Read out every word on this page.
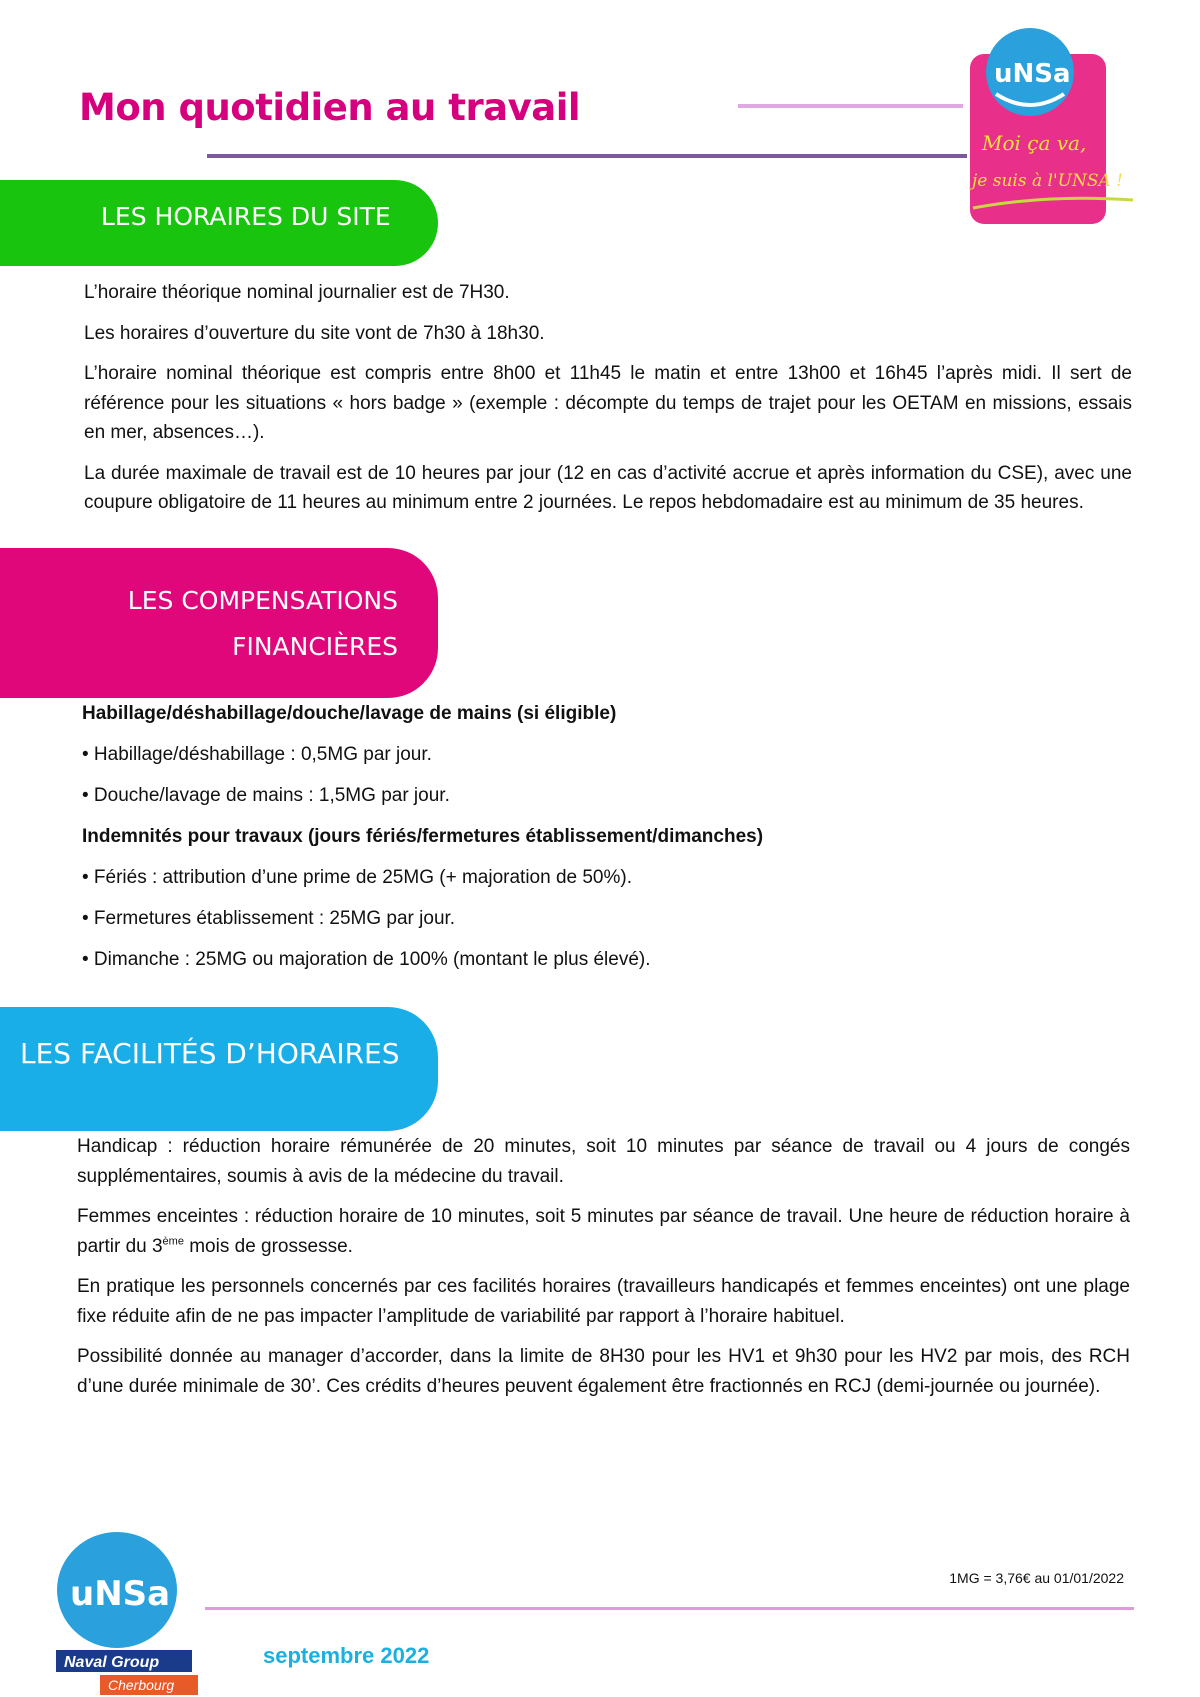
Mon quotidien au travail
uNSa
Moi ça va,
je suis à l'UNSA !
LES HORAIRES DU SITE

L’horaire théorique nominal journalier est de 7H30.

Les horaires d’ouverture du site vont de 7h30 à 18h30.

L’horaire nominal théorique est compris entre 8h00 et 11h45 le matin et entre 13h00 et 16h45 l’après midi. Il sert de référence pour les situations « hors badge » (exemple : décompte du temps de trajet pour les OETAM en missions, essais en mer, absences…).

La durée maximale de travail est de 10 heures par jour (12 en cas d’activité accrue et après information du CSE), avec une coupure obligatoire de 11 heures au minimum entre 2 journées. Le repos hebdomadaire est au minimum de 35 heures.

LES COMPENSATIONS
FINANCIÈRES

Habillage/déshabillage/douche/lavage de mains (si éligible)

• Habillage/déshabillage : 0,5MG par jour.

• Douche/lavage de mains : 1,5MG par jour.

Indemnités pour travaux (jours fériés/fermetures établissement/dimanches)

• Fériés : attribution d’une prime de 25MG (+ majoration de 50%).

• Fermetures établissement : 25MG par jour.

• Dimanche : 25MG ou majoration de 100% (montant le plus élevé).

LES FACILITÉS D’HORAIRES

Handicap : réduction horaire rémunérée de 20 minutes, soit 10 minutes par séance de travail ou 4 jours de congés supplémentaires, soumis à avis de la médecine du travail.

Femmes enceintes : réduction horaire de 10 minutes, soit 5 minutes par séance de travail. Une heure de réduction horaire à partir du 3ème mois de grossesse.

En pratique les personnels concernés par ces facilités horaires (travailleurs handicapés et femmes enceintes) ont une plage fixe réduite afin de ne pas impacter l’amplitude de variabilité par rapport à l’horaire habituel.

Possibilité donnée au manager d’accorder, dans la limite de 8H30 pour les HV1 et 9h30 pour les HV2 par mois, des RCH d’une durée minimale de 30’. Ces crédits d’heures peuvent également être fractionnés en RCJ (demi-journée ou journée).

uNSa
Naval Group
Cherbourg
1MG = 3,76€ au 01/01/2022
septembre 2022
